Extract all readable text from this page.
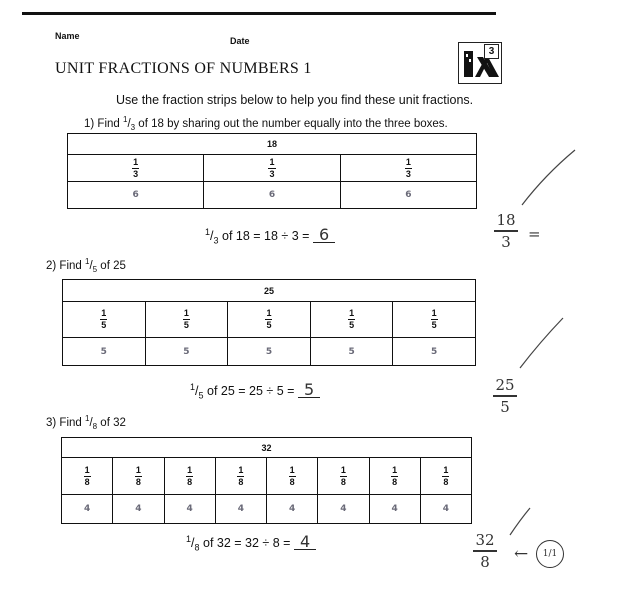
Name	Date
UNIT FRACTIONS OF NUMBERS 1
3
Use the fraction strips below to help you find these unit fractions.
1) Find $^1/_3$ of 18 by sharing out the number equally into the three boxes.
18		

$\frac{1}{3}$	$\frac{1}{3}$	$\frac{1}{3}$

6	6	6
$^1/_3$ of 18 = 18 ÷ 3 = 6
2) Find $^1/_5$ of 25
25				

$\frac{1}{5}$	$\frac{1}{5}$	$\frac{1}{5}$	$\frac{1}{5}$	$\frac{1}{5}$

5	5	5	5	5
$^1/_5$ of 25 = 25 ÷ 5 = 5
3) Find $^1/_8$ of 32
32							

$\frac{1}{8}$	$\frac{1}{8}$	$\frac{1}{8}$	$\frac{1}{8}$	$\frac{1}{8}$	$\frac{1}{8}$	$\frac{1}{8}$	$\frac{1}{8}$

4	4	4	4	4	4	4	4
$^1/_8$ of 32 = 32 ÷ 8 = 4
18
3	=
25
5
32
8	←	1/1
